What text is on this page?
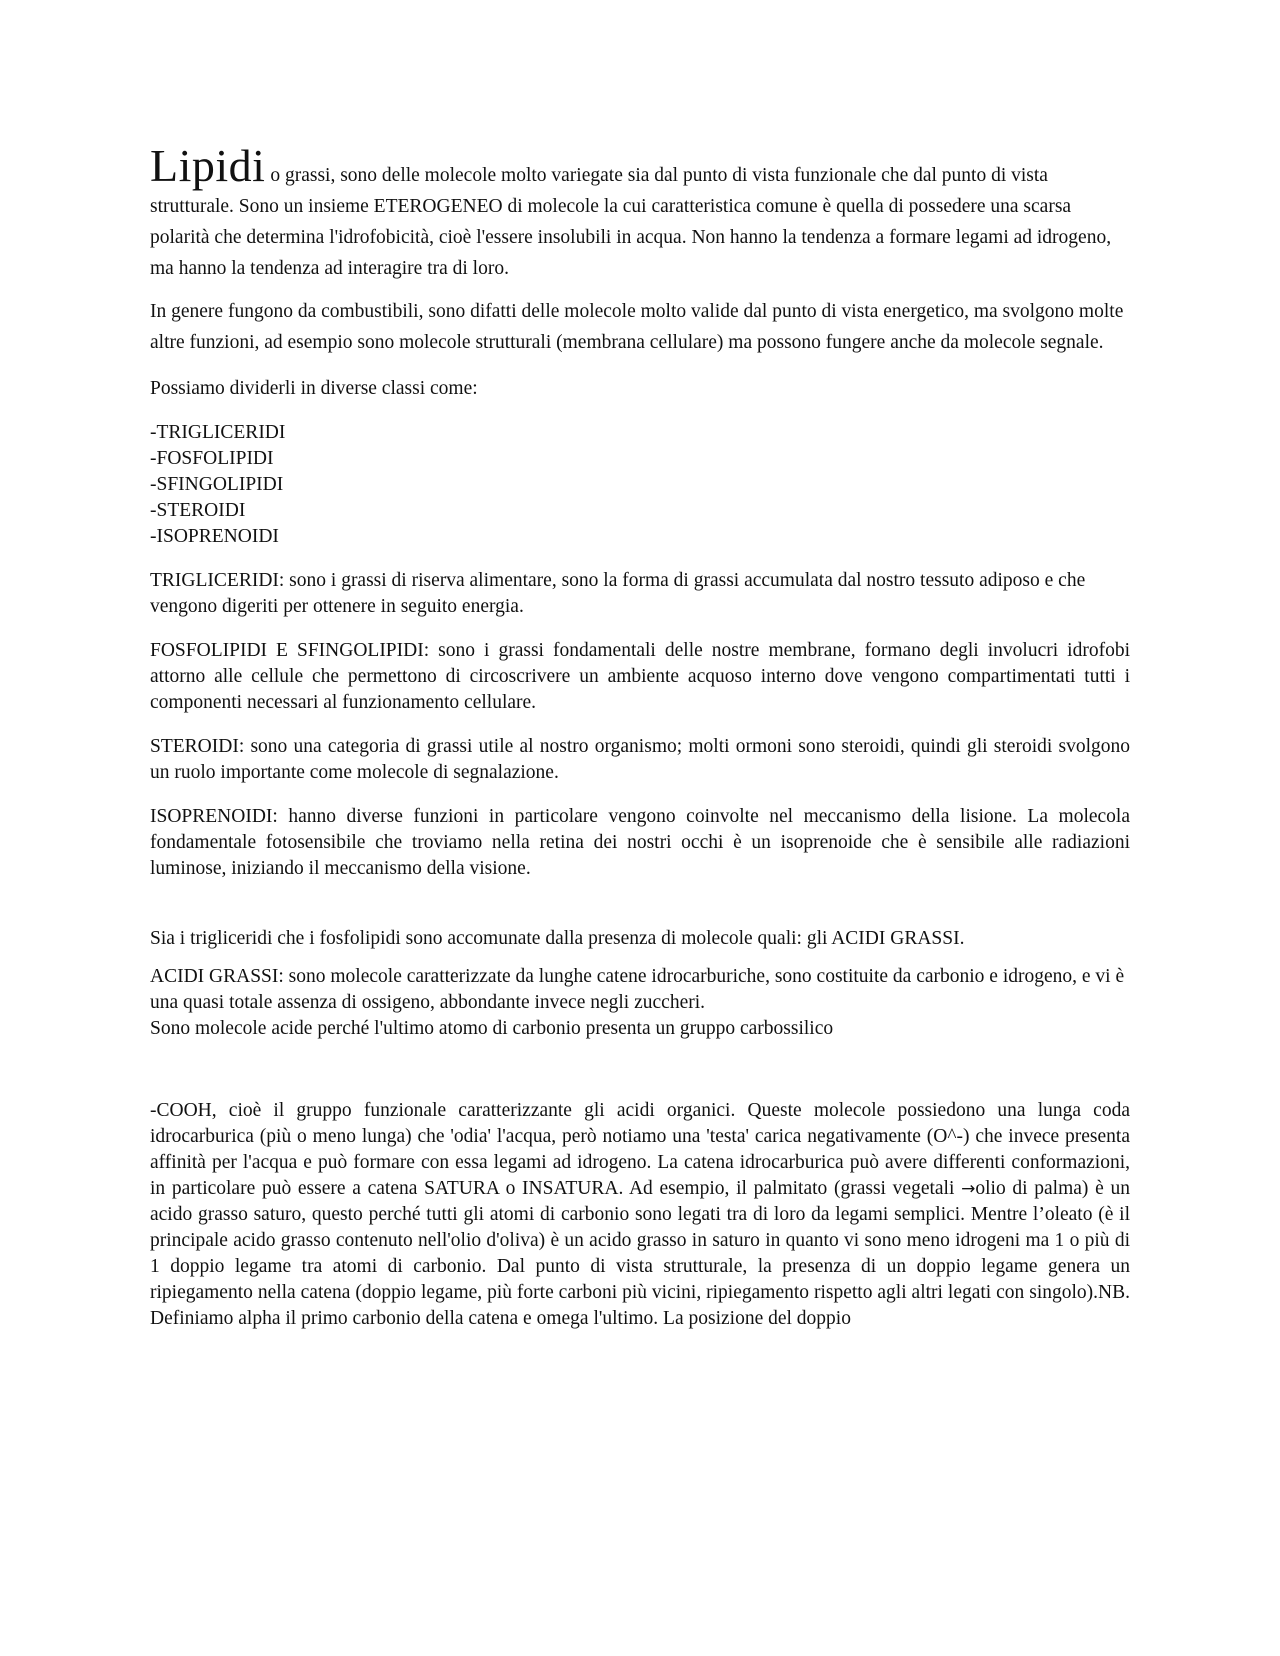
Lipidi o grassi, sono delle molecole molto variegate sia dal punto di vista funzionale che dal punto di vista strutturale. Sono un insieme ETEROGENEO di molecole la cui caratteristica comune è quella di possedere una scarsa polarità che determina l'idrofobicità, cioè l'essere insolubili in acqua. Non hanno la tendenza a formare legami ad idrogeno, ma hanno la tendenza ad interagire tra di loro.

In genere fungono da combustibili, sono difatti delle molecole molto valide dal punto di vista energetico, ma svolgono molte altre funzioni, ad esempio sono molecole strutturali (membrana cellulare) ma possono fungere anche da molecole segnale.

Possiamo dividerli in diverse classi come:

-TRIGLICERIDI
-FOSFOLIPIDI
-SFINGOLIPIDI
-STEROIDI
-ISOPRENOIDI

TRIGLICERIDI: sono i grassi di riserva alimentare, sono la forma di grassi accumulata dal nostro tessuto adiposo e che vengono digeriti per ottenere in seguito energia.

FOSFOLIPIDI E SFINGOLIPIDI: sono i grassi fondamentali delle nostre membrane, formano degli involucri idrofobi attorno alle cellule che permettono di circoscrivere un ambiente acquoso interno dove vengono compartimentati tutti i componenti necessari al funzionamento cellulare.

STEROIDI: sono una categoria di grassi utile al nostro organismo; molti ormoni sono steroidi, quindi gli steroidi svolgono un ruolo importante come molecole di segnalazione.

ISOPRENOIDI: hanno diverse funzioni in particolare vengono coinvolte nel meccanismo della lisione. La molecola fondamentale fotosensibile che troviamo nella retina dei nostri occhi è un isoprenoide che è sensibile alle radiazioni luminose, iniziando il meccanismo della visione.

Sia i trigliceridi che i fosfolipidi sono accomunate dalla presenza di molecole quali: gli ACIDI GRASSI.

ACIDI GRASSI: sono molecole caratterizzate da lunghe catene idrocarburiche, sono costituite da carbonio e idrogeno, e vi è una quasi totale assenza di ossigeno, abbondante invece negli zuccheri.

Sono molecole acide perché l'ultimo atomo di carbonio presenta un gruppo carbossilico

-COOH, cioè il gruppo funzionale caratterizzante gli acidi organici. Queste molecole possiedono una lunga coda idrocarburica (più o meno lunga) che 'odia' l'acqua, però notiamo una 'testa' carica negativamente (O^-) che invece presenta affinità per l'acqua e può formare con essa legami ad idrogeno. La catena idrocarburica può avere differenti conformazioni, in particolare può essere a catena SATURA o INSATURA. Ad esempio, il palmitato (grassi vegetali →olio di palma) è un acido grasso saturo, questo perché tutti gli atomi di carbonio sono legati tra di loro da legami semplici. Mentre l’oleato (è il principale acido grasso contenuto nell'olio d'oliva) è un acido grasso in saturo in quanto vi sono meno idrogeni ma 1 o più di 1 doppio legame tra atomi di carbonio. Dal punto di vista strutturale, la presenza di un doppio legame genera un ripiegamento nella catena (doppio legame, più forte carboni più vicini, ripiegamento rispetto agli altri legati con singolo).NB. Definiamo alpha il primo carbonio della catena e omega l'ultimo. La posizione del doppio
